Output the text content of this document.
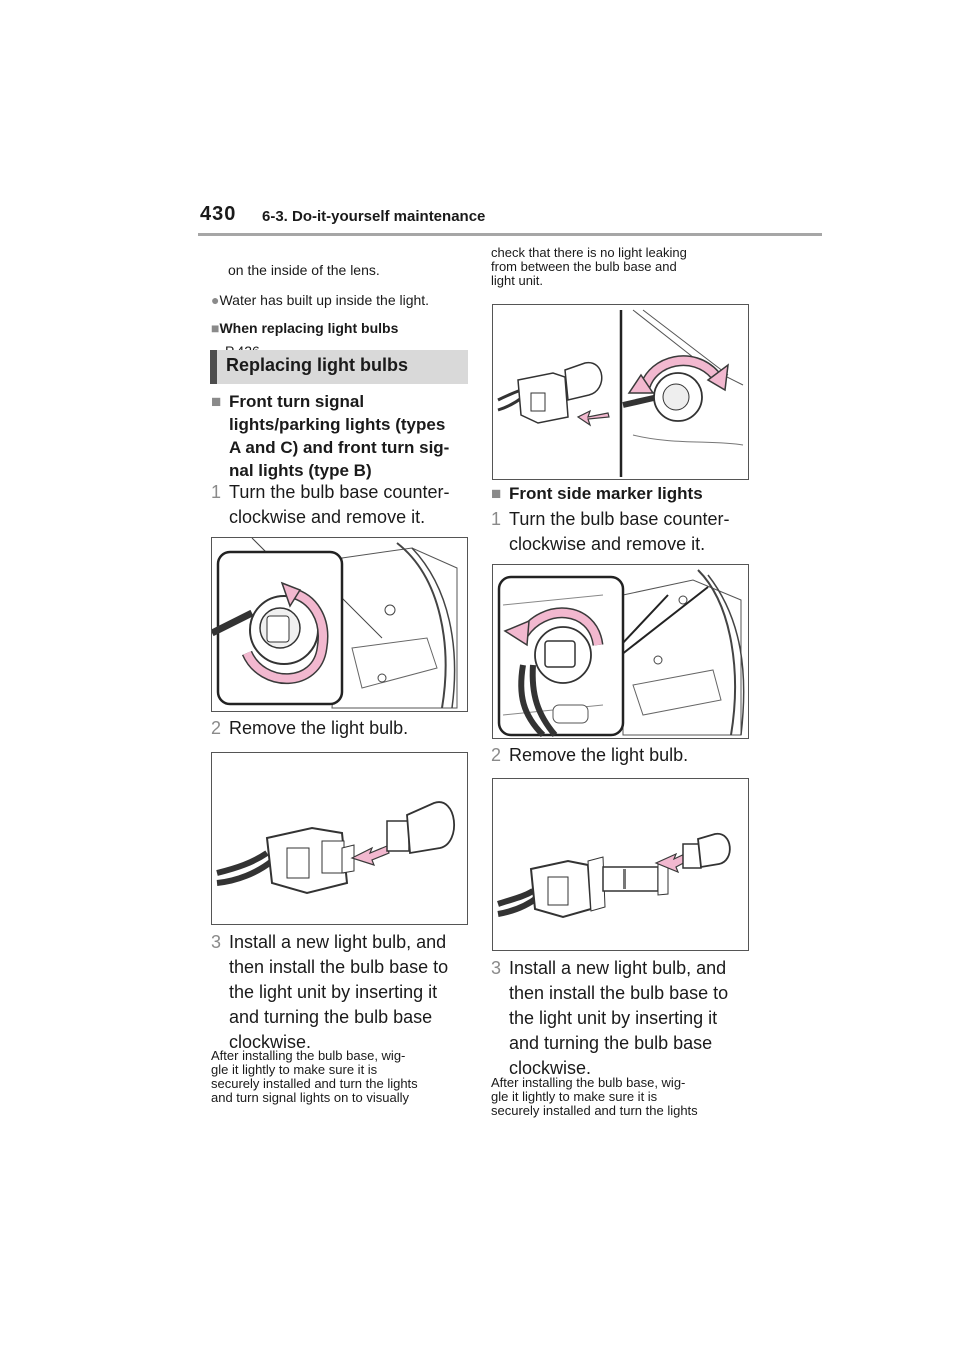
430 6-3. Do-it-yourself maintenance
on the inside of the lens.
●Water has built up inside the light.
■When replacing light bulbs
Replacing light bulbs
■ Front turn signal
lights/parking lights (types
A and C) and front turn sig-
nal lights (type B)
1 Turn the bulb base counter-
clockwise and remove it.
2 Remove the light bulb.
3 Install a new light bulb, and
then install the bulb base to
the light unit by inserting it
and turning the bulb base
clockwise.
After installing the bulb base, wig-
gle it lightly to make sure it is
securely installed and turn the lights
and turn signal lights on to visually
check that there is no light leaking
from between the bulb base and
light unit.
■ Front side marker lights
1 Turn the bulb base counter-
clockwise and remove it.
2 Remove the light bulb.
3 Install a new light bulb, and
then install the bulb base to
the light unit by inserting it
and turning the bulb base
clockwise.
After installing the bulb base, wig-
gle it lightly to make sure it is
securely installed and turn the lights
